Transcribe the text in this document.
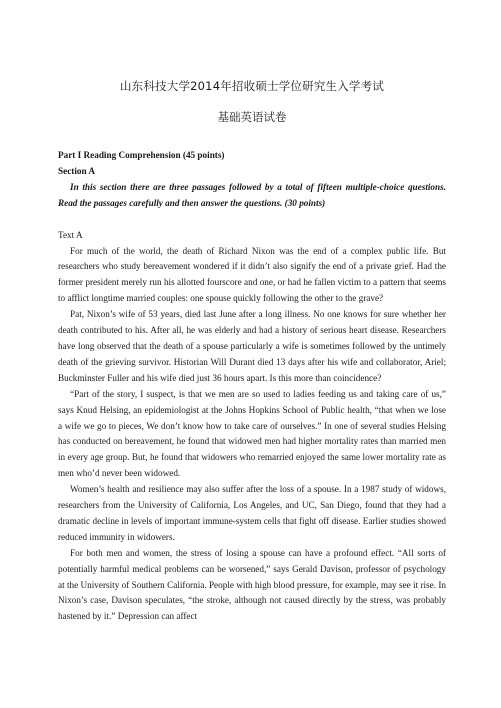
山东科技大学2014年招收硕士学位研究生入学考试
基础英语试卷

Part I Reading Comprehension (45 points)

Section A

In this section there are three passages followed by a total of fifteen multiple-choice questions. Read the passages carefully and then answer the questions. (30 points)

Text A

For much of the world, the death of Richard Nixon was the end of a complex public life. But researchers who study bereavement wondered if it didn’t also signify the end of a private grief. Had the former president merely run his allotted fourscore and one, or had he fallen victim to a pattern that seems to afflict longtime married couples: one spouse quickly following the other to the grave?

Pat, Nixon’s wife of 53 years, died last June after a long illness. No one knows for sure whether her death contributed to his. After all, he was elderly and had a history of serious heart disease. Researchers have long observed that the death of a spouse particularly a wife is sometimes followed by the untimely death of the grieving survivor. Historian Will Durant died 13 days after his wife and collaborator, Ariel; Buckminster Fuller and his wife died just 36 hours apart. Is this more than coincidence?

“Part of the story, I suspect, is that we men are so used to ladies feeding us and taking care of us,” says Knud Helsing, an epidemiologist at the Johns Hopkins School of Public health, “that when we lose a wife we go to pieces, We don’t know how to take care of ourselves.” In one of several studies Helsing has conducted on bereavement, he found that widowed men had higher mortality rates than married men in every age group. But, he found that widowers who remarried enjoyed the same lower mortality rate as men who’d never been widowed.

Women’s health and resilience may also suffer after the loss of a spouse. In a 1987 study of widows, researchers from the University of California, Los Angeles, and UC, San Diego, found that they had a dramatic decline in levels of important immune-system cells that fight off disease. Earlier studies showed reduced immunity in widowers.

For both men and women, the stress of losing a spouse can have a profound effect. “All sorts of potentially harmful medical problems can be worsened,” says Gerald Davison, professor of psychology at the University of Southern California. People with high blood pressure, for example, may see it rise. In Nixon’s case, Davison speculates, “the stroke, although not caused directly by the stress, was probably hastened by it.” Depression can affect
